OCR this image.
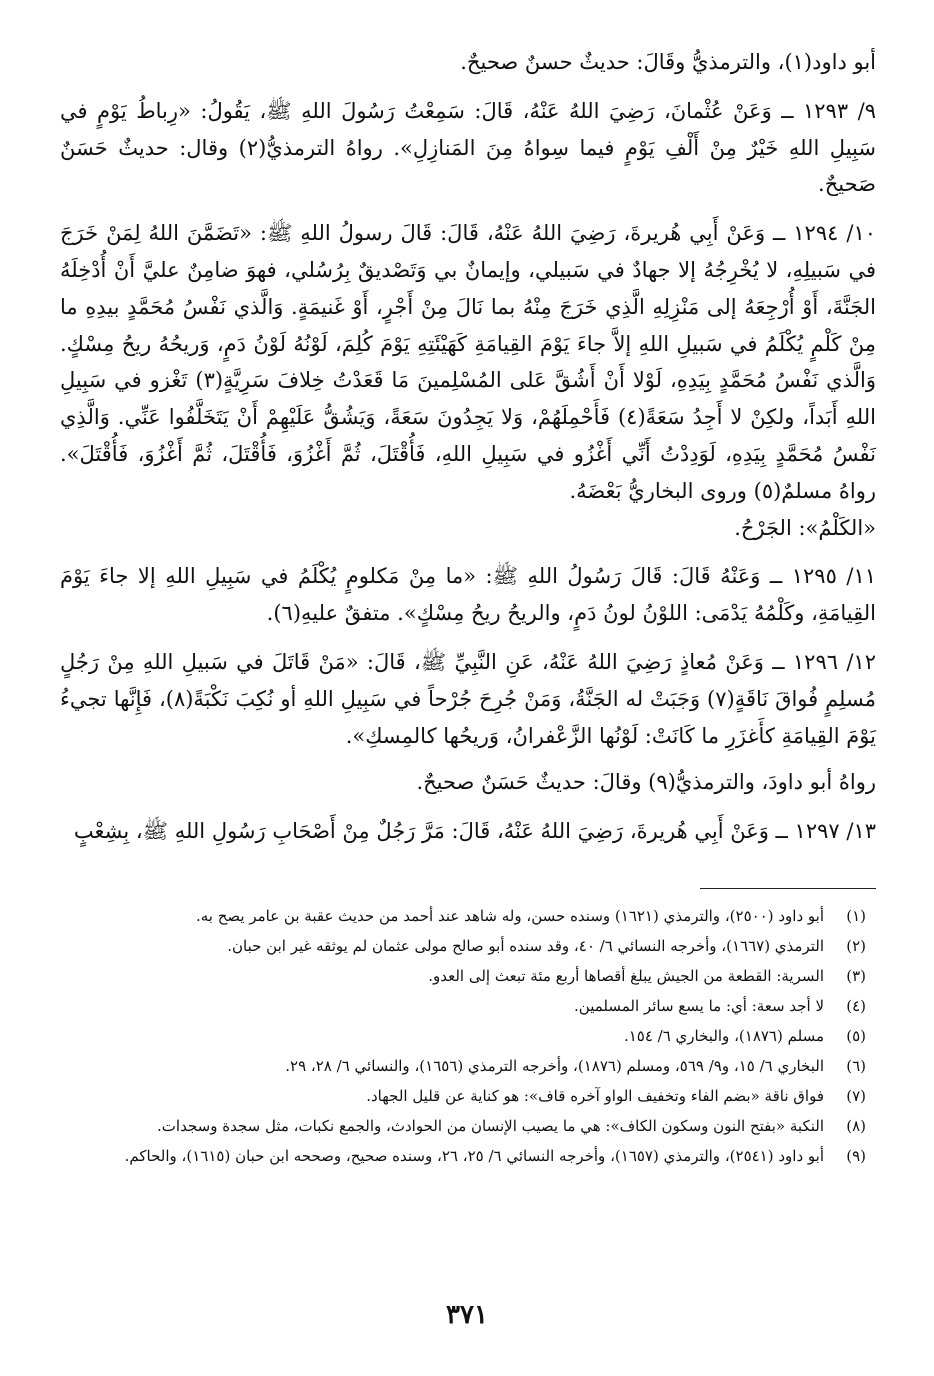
أبو داود(١)، والترمذيُّ وقَالَ: حديثٌ حسنٌ صحيحٌ.

٩/ ١٢٩٣ ــ وَعَنْ عُثْمانَ، رَضِيَ اللهُ عَنْهُ، قَالَ: سَمِعْتُ رَسُولَ اللهِ ﷺ، يَقُولُ: «رِباطُ يَوْمٍ في سَبِيلِ اللهِ خَيْرٌ مِنْ أَلْفِ يَوْمٍ فيما سِواهُ مِنَ المَنازِلِ». رواهُ الترمذيُّ(٢) وقال: حديثٌ حَسَنٌ صَحيحٌ.

١٠/ ١٢٩٤ ــ وَعَنْ أَبِي هُريرةَ، رَضِيَ اللهُ عَنْهُ، قَالَ: قَالَ رسولُ اللهِ ﷺ: «تَضَمَّنَ اللهُ لِمَنْ خَرَجَ في سَبيلِهِ، لا يُخْرِجُهُ إلا جهادٌ في سَبيلي، وإيمانٌ بي وَتَصْديقٌ بِرُسُلي، فهوَ ضامِنٌ عليَّ أَنْ أُدْخِلَهُ الجَنَّةَ، أَوْ أُرْجِعَهُ إلى مَنْزِلِهِ الَّذِي خَرَجَ مِنْهُ بما نَالَ مِنْ أَجْرٍ، أَوْ غَنيمَةٍ. وَالَّذي نَفْسُ مُحَمَّدٍ بيدِهِ ما مِنْ كَلْمٍ يُكْلَمُ في سَبيلِ اللهِ إلاَّ جاءَ يَوْمَ القِيامَةِ كَهَيْئَتِهِ يَوْمَ كُلِمَ، لَوْنُهُ لَوْنُ دَمٍ، وَريحُهُ ريحُ مِسْكٍ. وَالَّذي نَفْسُ مُحَمَّدٍ بِيَدِهِ، لَوْلا أَنْ أَشُقَّ عَلى المُسْلِمينَ مَا قَعَدْتُ خِلافَ سَرِيَّةٍ(٣) تَغْزو في سَبِيلِ اللهِ أَبَداً، ولكِنْ لا أَجِدُ سَعَةً(٤) فَأَحْمِلَهُمْ، وَلا يَجِدُونَ سَعَةً، وَيَشُقُّ عَلَيْهِمْ أَنْ يَتَخَلَّفُوا عَنِّي. وَالَّذِي نَفْسُ مُحَمَّدٍ بِيَدِهِ، لَوَدِدْتُ أَنِّي أَغْزُو في سَبِيلِ اللهِ، فَأُقْتَلَ، ثُمَّ أَغْزُوَ، فَأُقْتَلَ، ثُمَّ أَغْزُوَ، فَأُقْتَلَ». رواهُ مسلمٌ(٥) وروى البخاريُّ بَعْضَهُ.

«الكَلْمُ»: الجَرْحُ.

١١/ ١٢٩٥ ــ وَعَنْهُ قَالَ: قَالَ رَسُولُ اللهِ ﷺ: «ما مِنْ مَكلومٍ يُكْلَمُ في سَبِيلِ اللهِ إلا جاءَ يَوْمَ القِيامَةِ، وكَلْمُهُ يَدْمَى: اللوْنُ لونُ دَمٍ، والريحُ ريحُ مِسْكٍ». متفقٌ عليهِ(٦).

١٢/ ١٢٩٦ ــ وَعَنْ مُعاذٍ رَضِيَ اللهُ عَنْهُ، عَنِ النَّبِيِّ ﷺ، قَالَ: «مَنْ قَاتَلَ في سَبيلِ اللهِ مِنْ رَجُلٍ مُسلِمٍ فُواقَ نَاقَةٍ(٧) وَجَبَتْ له الجَنَّةُ، وَمَنْ جُرِحَ جُرْحاً في سَبِيلِ اللهِ أو نُكِبَ نَكْبَةً(٨)، فَإِنَّها تجيءُ يَوْمَ القِيامَةِ كأَغزَرِ ما كَانَتْ: لَوْنُها الزَّعْفرانُ، وَريحُها كالمِسكِ».

رواهُ أبو داودَ، والترمذيُّ(٩) وقالَ: حديثٌ حَسَنٌ صحيحٌ.

١٣/ ١٢٩٧ ــ وَعَنْ أَبِي هُريرةَ، رَضِيَ اللهُ عَنْهُ، قَالَ: مَرَّ رَجُلٌ مِنْ أَصْحَابِ رَسُولِ اللهِ ﷺ، بِشِعْبٍ

(١)
أبو داود (٢٥٠٠)، والترمذي (١٦٢١) وسنده حسن، وله شاهد عند أحمد من حديث عقبة بن عامر يصح به.
(٢)
الترمذي (١٦٦٧)، وأخرجه النسائي ٦/ ٤٠، وقد سنده أبو صالح مولى عثمان لم يوثقه غير ابن حبان.
(٣)
السرية: القطعة من الجيش يبلغ أقصاها أربع مئة تبعث إلى العدو.
(٤)
لا أجد سعة: أي: ما يسع سائر المسلمين.
(٥)
مسلم (١٨٧٦)، والبخاري ٦/ ١٥٤.
(٦)
البخاري ٦/ ١٥، و٩/ ٥٦٩، ومسلم (١٨٧٦)، وأخرجه الترمذي (١٦٥٦)، والنسائي ٦/ ٢٨، ٢٩.
(٧)
فواق ناقة «بضم الفاء وتخفيف الواو آخره قاف»: هو كناية عن قليل الجهاد.
(٨)
النكبة «بفتح النون وسكون الكاف»: هي ما يصيب الإنسان من الحوادث، والجمع نكبات، مثل سجدة وسجدات.
(٩)
أبو داود (٢٥٤١)، والترمذي (١٦٥٧)، وأخرجه النسائي ٦/ ٢٥، ٢٦، وسنده صحيح، وصححه ابن حبان (١٦١٥)، والحاكم.
٣٧١
